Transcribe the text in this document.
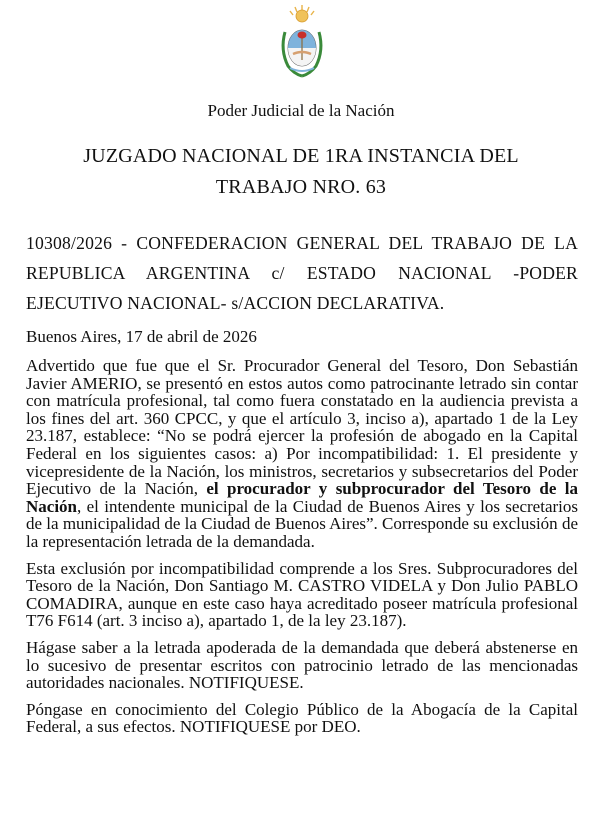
Poder Judicial de la Nación
JUZGADO NACIONAL DE 1RA INSTANCIA DEL TRABAJO NRO. 63
10308/2026 - CONFEDERACION GENERAL DEL TRABAJO DE LA REPUBLICA ARGENTINA c/ ESTADO NACIONAL -PODER EJECUTIVO NACIONAL- s/ACCION DECLARATIVA.
Buenos Aires, 17 de abril de 2026

Advertido que fue que el Sr. Procurador General del Tesoro, Don Sebastián Javier AMERIO, se presentó en estos autos como patrocinante letrado sin contar con matrícula profesional, tal como fuera constatado en la audiencia prevista a los fines del art. 360 CPCC, y que el artículo 3, inciso a), apartado 1 de la Ley 23.187, establece: “No se podrá ejercer la profesión de abogado en la Capital Federal en los siguientes casos: a) Por incompatibilidad: 1. El presidente y vicepresidente de la Nación, los ministros, secretarios y subsecretarios del Poder Ejecutivo de la Nación, el procurador y subprocurador del Tesoro de la Nación, el intendente municipal de la Ciudad de Buenos Aires y los secretarios de la municipalidad de la Ciudad de Buenos Aires”. Corresponde su exclusión de la representación letrada de la demandada.

Esta exclusión por incompatibilidad comprende a los Sres. Subprocuradores del Tesoro de la Nación, Don Santiago M. CASTRO VIDELA y Don Julio PABLO COMADIRA, aunque en este caso haya acreditado poseer matrícula profesional T76 F614 (art. 3 inciso a), apartado 1, de la ley 23.187).

Hágase saber a la letrada apoderada de la demandada que deberá abstenerse en lo sucesivo de presentar escritos con patrocinio letrado de las mencionadas autoridades nacionales. NOTIFIQUESE.

Póngase en conocimiento del Colegio Público de la Abogacía de la Capital Federal, a sus efectos. NOTIFIQUESE por DEO.
